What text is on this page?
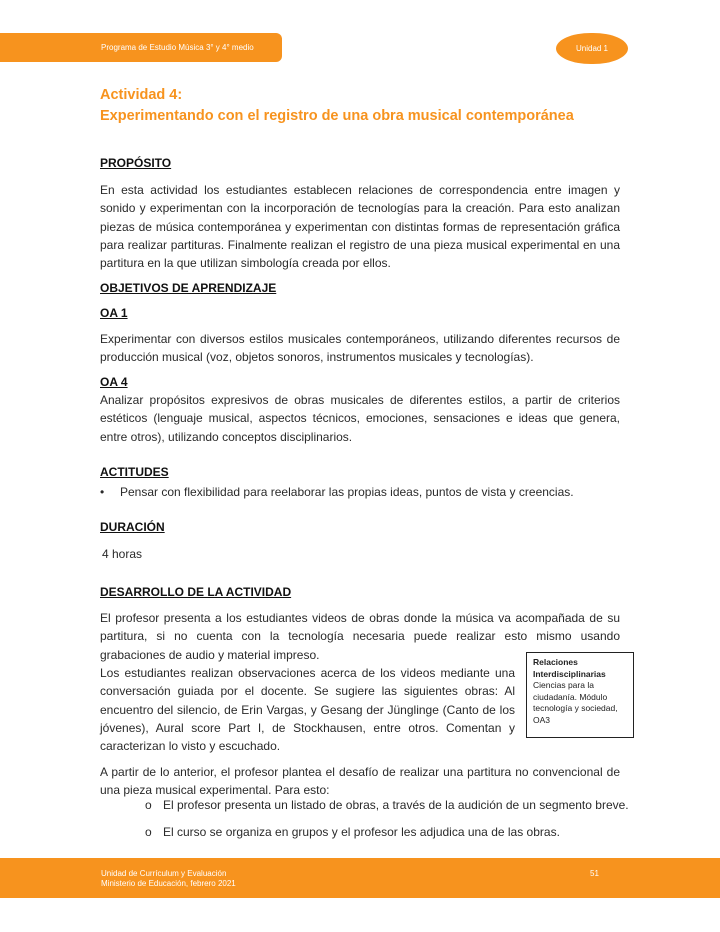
Programa de Estudio Música 3° y 4° medio	Unidad 1
Actividad 4:
Experimentando con el registro de una obra musical contemporánea
PROPÓSITO
En esta actividad los estudiantes establecen relaciones de correspondencia entre imagen y sonido y experimentan con la incorporación de tecnologías para la creación. Para esto analizan piezas de música contemporánea y experimentan con distintas formas de representación gráfica para realizar partituras. Finalmente realizan el registro de una pieza musical experimental en una partitura en la que utilizan simbología creada por ellos.
OBJETIVOS DE APRENDIZAJE
OA 1
Experimentar con diversos estilos musicales contemporáneos, utilizando diferentes recursos de producción musical (voz, objetos sonoros, instrumentos musicales y tecnologías).
OA 4
Analizar propósitos expresivos de obras musicales de diferentes estilos, a partir de criterios estéticos (lenguaje musical, aspectos técnicos, emociones, sensaciones e ideas que genera, entre otros), utilizando conceptos disciplinarios.
ACTITUDES
• Pensar con flexibilidad para reelaborar las propias ideas, puntos de vista y creencias.
DURACIÓN
4 horas
DESARROLLO DE LA ACTIVIDAD
El profesor presenta a los estudiantes videos de obras donde la música va acompañada de su partitura, si no cuenta con la tecnología necesaria puede realizar esto mismo usando grabaciones de audio y material impreso.
Los estudiantes realizan observaciones acerca de los videos mediante una conversación guiada por el docente. Se sugiere las siguientes obras: Al encuentro del silencio, de Erin Vargas, y Gesang der Jünglinge (Canto de los jóvenes), Aural score Part I, de Stockhausen, entre otros. Comentan y caracterizan lo visto y escuchado.
Relaciones Interdisciplinarias
Ciencias para la ciudadanía. Módulo tecnología y sociedad, OA3
A partir de lo anterior, el profesor plantea el desafío de realizar una partitura no convencional de una pieza musical experimental. Para esto:
o El profesor presenta un listado de obras, a través de la audición de un segmento breve.
o El curso se organiza en grupos y el profesor les adjudica una de las obras.
Unidad de Currículum y Evaluación
Ministerio de Educación, febrero 2021
51
